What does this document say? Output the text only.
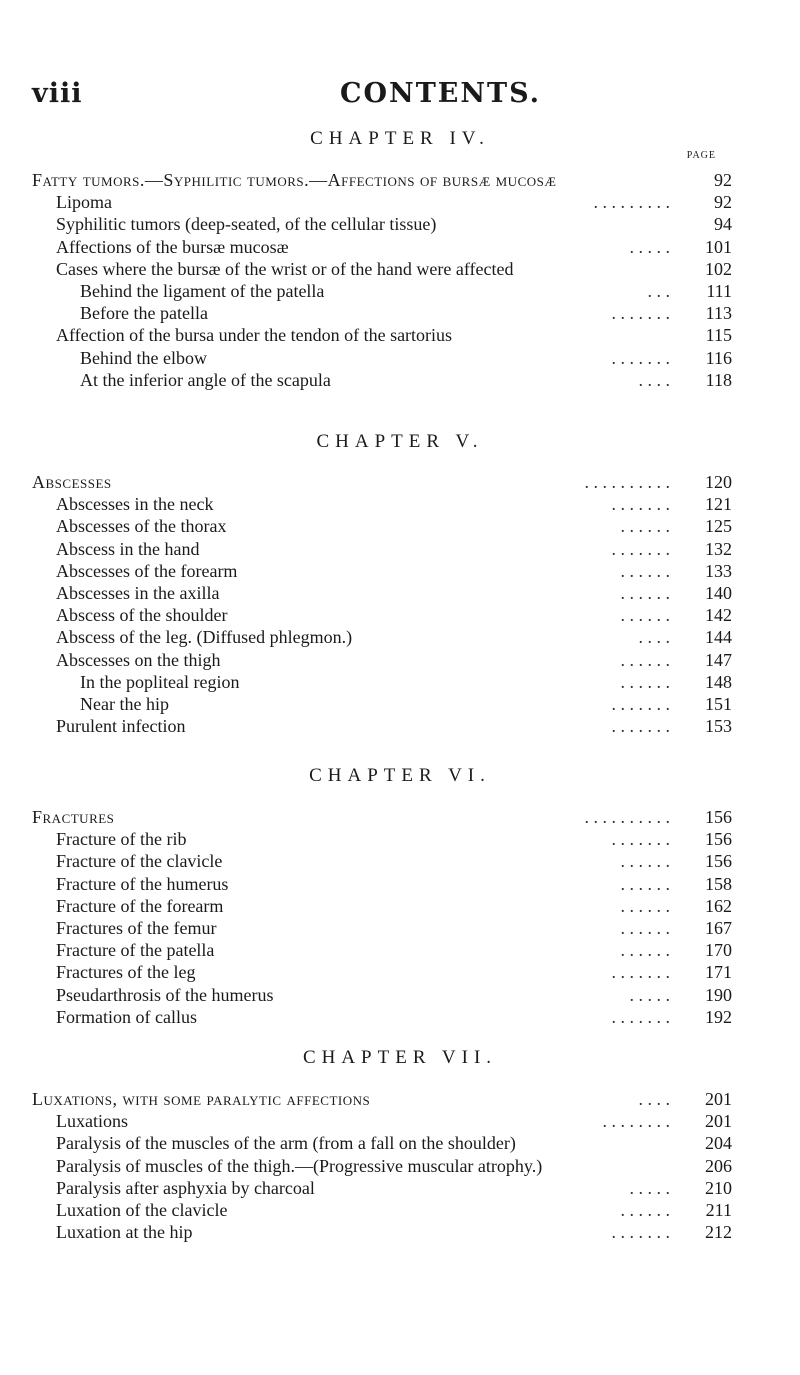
viii	CONTENTS.
PAGE
CHAPTER IV.
Fatty tumors.—Syphilitic tumors.—Affections of bursæ mucosæ	92
Lipoma	. . . . . . . . .	92
Syphilitic tumors (deep-seated, of the cellular tissue)	94
Affections of the bursæ mucosæ	. . . . .	101
Cases where the bursæ of the wrist or of the hand were affected	102
Behind the ligament of the patella	. . .	111
Before the patella	. . . . . . .	113
Affection of the bursa under the tendon of the sartorius	115
Behind the elbow	. . . . . . .	116
At the inferior angle of the scapula	. . . .	118
CHAPTER V.
Abscesses	. . . . . . . . . .	120
Abscesses in the neck	. . . . . . .	121
Abscesses of the thorax	. . . . . .	125
Abscess in the hand	. . . . . . .	132
Abscesses of the forearm	. . . . . .	133
Abscesses in the axilla	. . . . . .	140
Abscess of the shoulder	. . . . . .	142
Abscess of the leg. (Diffused phlegmon.)	. . . .	144
Abscesses on the thigh	. . . . . .	147
In the popliteal region	. . . . . .	148
Near the hip	. . . . . . .	151
Purulent infection	. . . . . . .	153
CHAPTER VI.
Fractures	. . . . . . . . . .	156
Fracture of the rib	. . . . . . .	156
Fracture of the clavicle	. . . . . .	156
Fracture of the humerus	. . . . . .	158
Fracture of the forearm	. . . . . .	162
Fractures of the femur	. . . . . .	167
Fracture of the patella	. . . . . .	170
Fractures of the leg	. . . . . . .	171
Pseudarthrosis of the humerus	. . . . .	190
Formation of callus	. . . . . . .	192
CHAPTER VII.
Luxations, with some paralytic affections	. . . .	201
Luxations	. . . . . . . .	201
Paralysis of the muscles of the arm (from a fall on the shoulder)	204
Paralysis of muscles of the thigh.—(Progressive muscular atrophy.)	206
Paralysis after asphyxia by charcoal	. . . . .	210
Luxation of the clavicle	. . . . . .	211
Luxation at the hip	. . . . . . .	212
